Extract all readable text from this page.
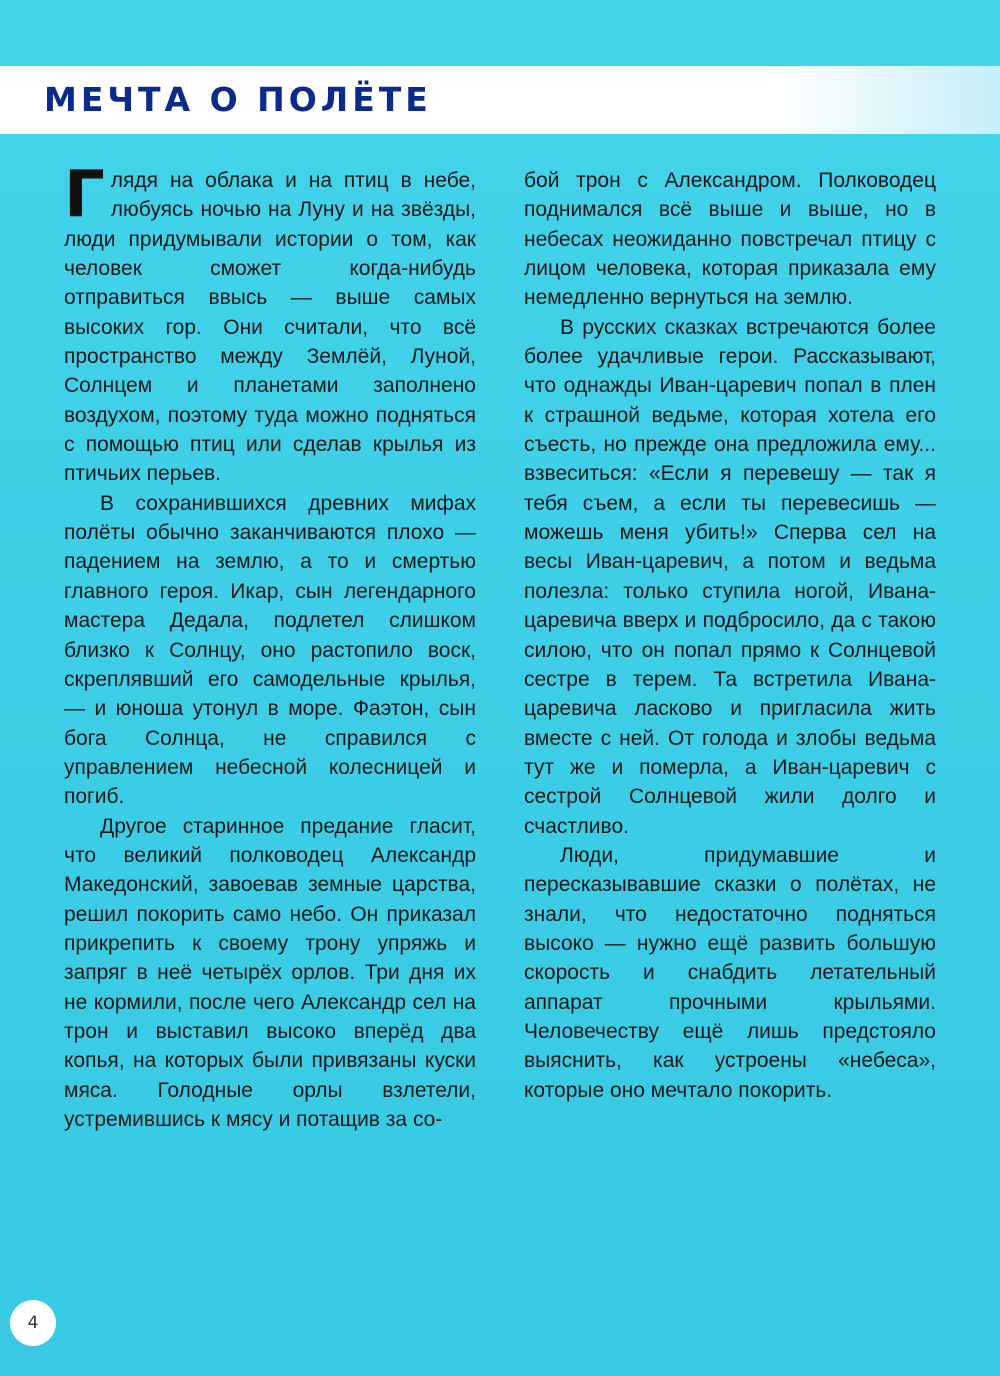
МЕЧТА О ПОЛЁТЕ

Глядя на облака и на птиц в небе, любуясь ночью на Луну и на звёзды, люди придумывали истории о том, как человек сможет когда-нибудь отправиться ввысь — выше самых высоких гор. Они считали, что всё пространство между Землёй, Луной, Солнцем и планетами заполнено воздухом, поэтому туда можно подняться с помощью птиц или сделав крылья из птичьих перьев.

В сохранившихся древних мифах полёты обычно заканчиваются плохо — падением на землю, а то и смертью главного героя. Икар, сын легендарного мастера Дедала, подлетел слишком близко к Солнцу, оно растопило воск, скреплявший его самодельные крылья, — и юноша утонул в море. Фаэтон, сын бога Солнца, не справился с управлением небесной колесницей и погиб.

Другое старинное предание гласит, что великий полководец Александр Македонский, завоевав земные царства, решил покорить само небо. Он приказал прикрепить к своему трону упряжь и запряг в неё четырёх орлов. Три дня их не кормили, после чего Александр сел на трон и выставил высоко вперёд два копья, на которых были привязаны куски мяса. Голодные орлы взлетели, устремившись к мясу и потащив за со-

бой трон с Александром. Полководец поднимался всё выше и выше, но в небесах неожиданно повстречал птицу с лицом человека, которая приказала ему немедленно вернуться на землю.

В русских сказках встречаются более более удачливые герои. Рассказывают, что однажды Иван-царевич попал в плен к страшной ведьме, которая хотела его съесть, но прежде она предложила ему... взвеситься: «Если я перевешу — так я тебя съем, а если ты перевесишь — можешь меня убить!» Сперва сел на весы Иван-царевич, а потом и ведьма полезла: только ступила ногой, Ивана-царевича вверх и подбросило, да с такою силою, что он попал прямо к Солнцевой сестре в терем. Та встретила Ивана-царевича ласково и пригласила жить вместе с ней. От голода и злобы ведьма тут же и померла, а Иван-царевич с сестрой Солнцевой жили долго и счастливо.

Люди, придумавшие и пересказывавшие сказки о полётах, не знали, что недостаточно подняться высоко — нужно ещё развить большую скорость и снабдить летательный аппарат прочными крыльями. Человечеству ещё лишь предстояло выяснить, как устроены «небеса», которые оно мечтало покорить.

4
